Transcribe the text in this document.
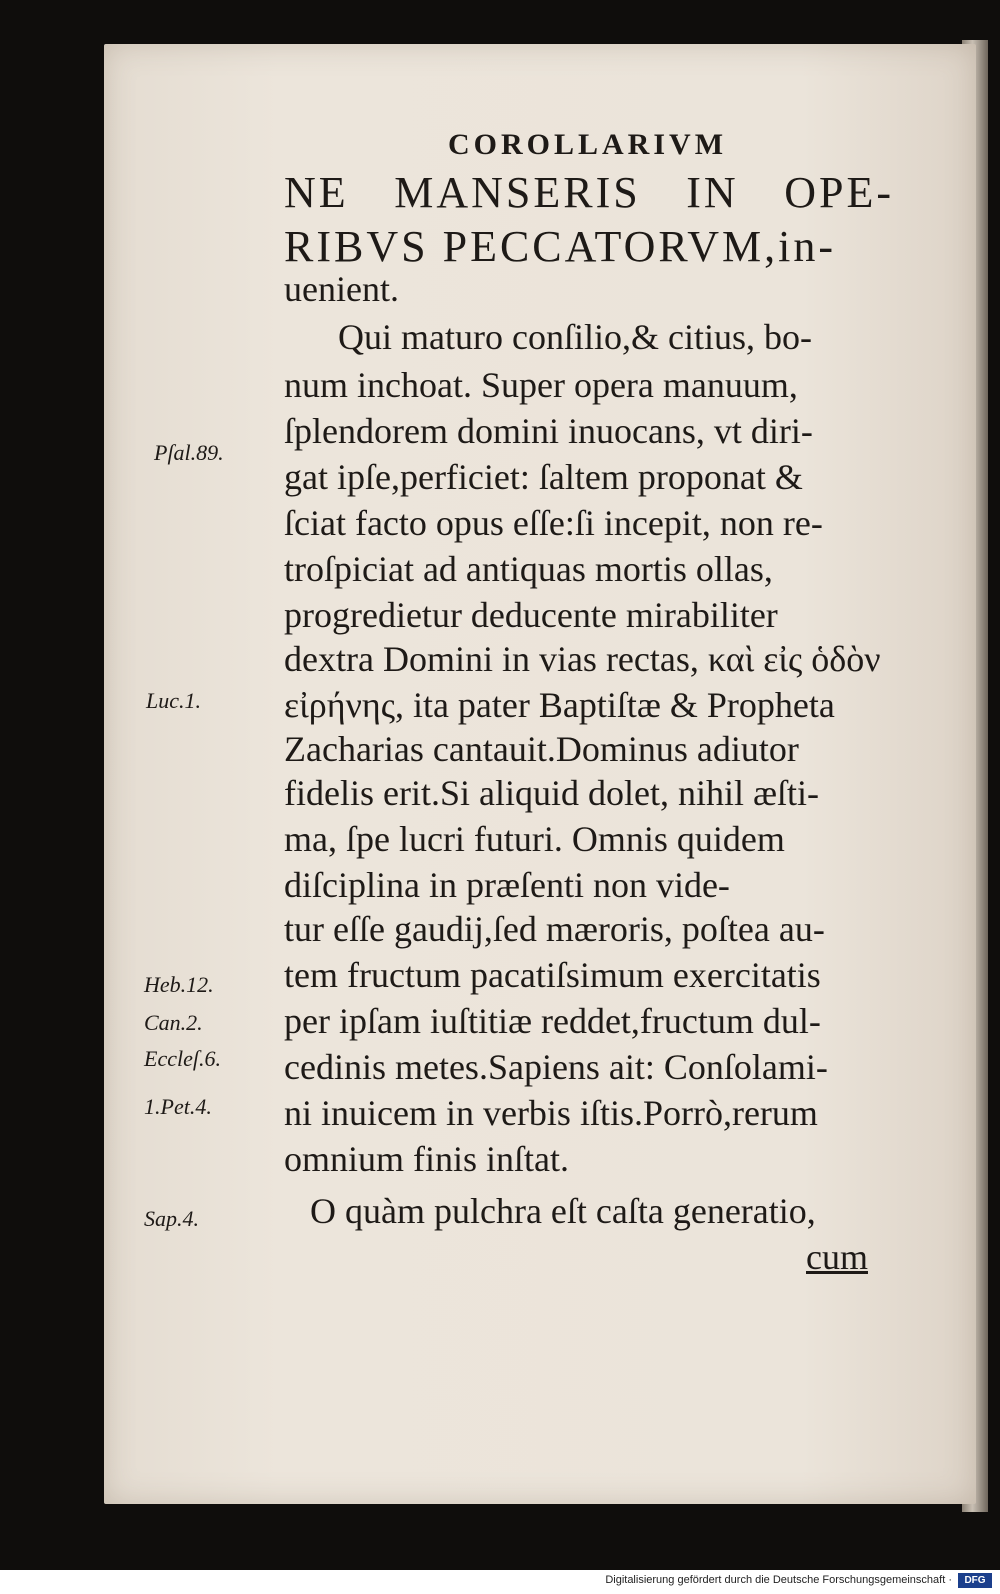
COROLLARIVM
NE MANSERIS IN OPE- RIBVS PECCATORVM,in-
uenient.
Qui maturo conſilio,& citius, bo-
num inchoat. Super opera manuum,
ſplendorem domini inuocans, vt diri-
gat ipſe,perficiet: ſaltem proponat &
ſciat facto opus eſſe:ſi incepit, non re-
troſpiciat ad antiquas mortis ollas,
progredietur deducente mirabiliter
dextra Domini in vias rectas, καὶ εἰς ὁδὸν
εἰρήνης, ita pater Baptiſtæ & Propheta
Zacharias cantauit.Dominus adiutor
fidelis erit.Si aliquid dolet, nihil æſti-
ma, ſpe lucri futuri. Omnis quidem
diſciplina in præſenti non vide-
tur eſſe gaudij,ſed mæroris, poſtea au-
tem fructum pacatiſsimum exercitatis
per ipſam iuſtitiæ reddet,fructum dul-
cedinis metes.Sapiens ait: Conſolami-
ni inuicem in verbis iſtis.Porrò,rerum
omnium finis inſtat.
O quàm pulchra eſt caſta generatio,
cum
Pſal.89.
Luc.1.
Heb.12.
Can.2.
Eccleſ.6.
1.Pet.4.
Sap.4.
Digitalisierung gefördert durch die Deutsche Forschungsgemeinschaft ·	DFG
